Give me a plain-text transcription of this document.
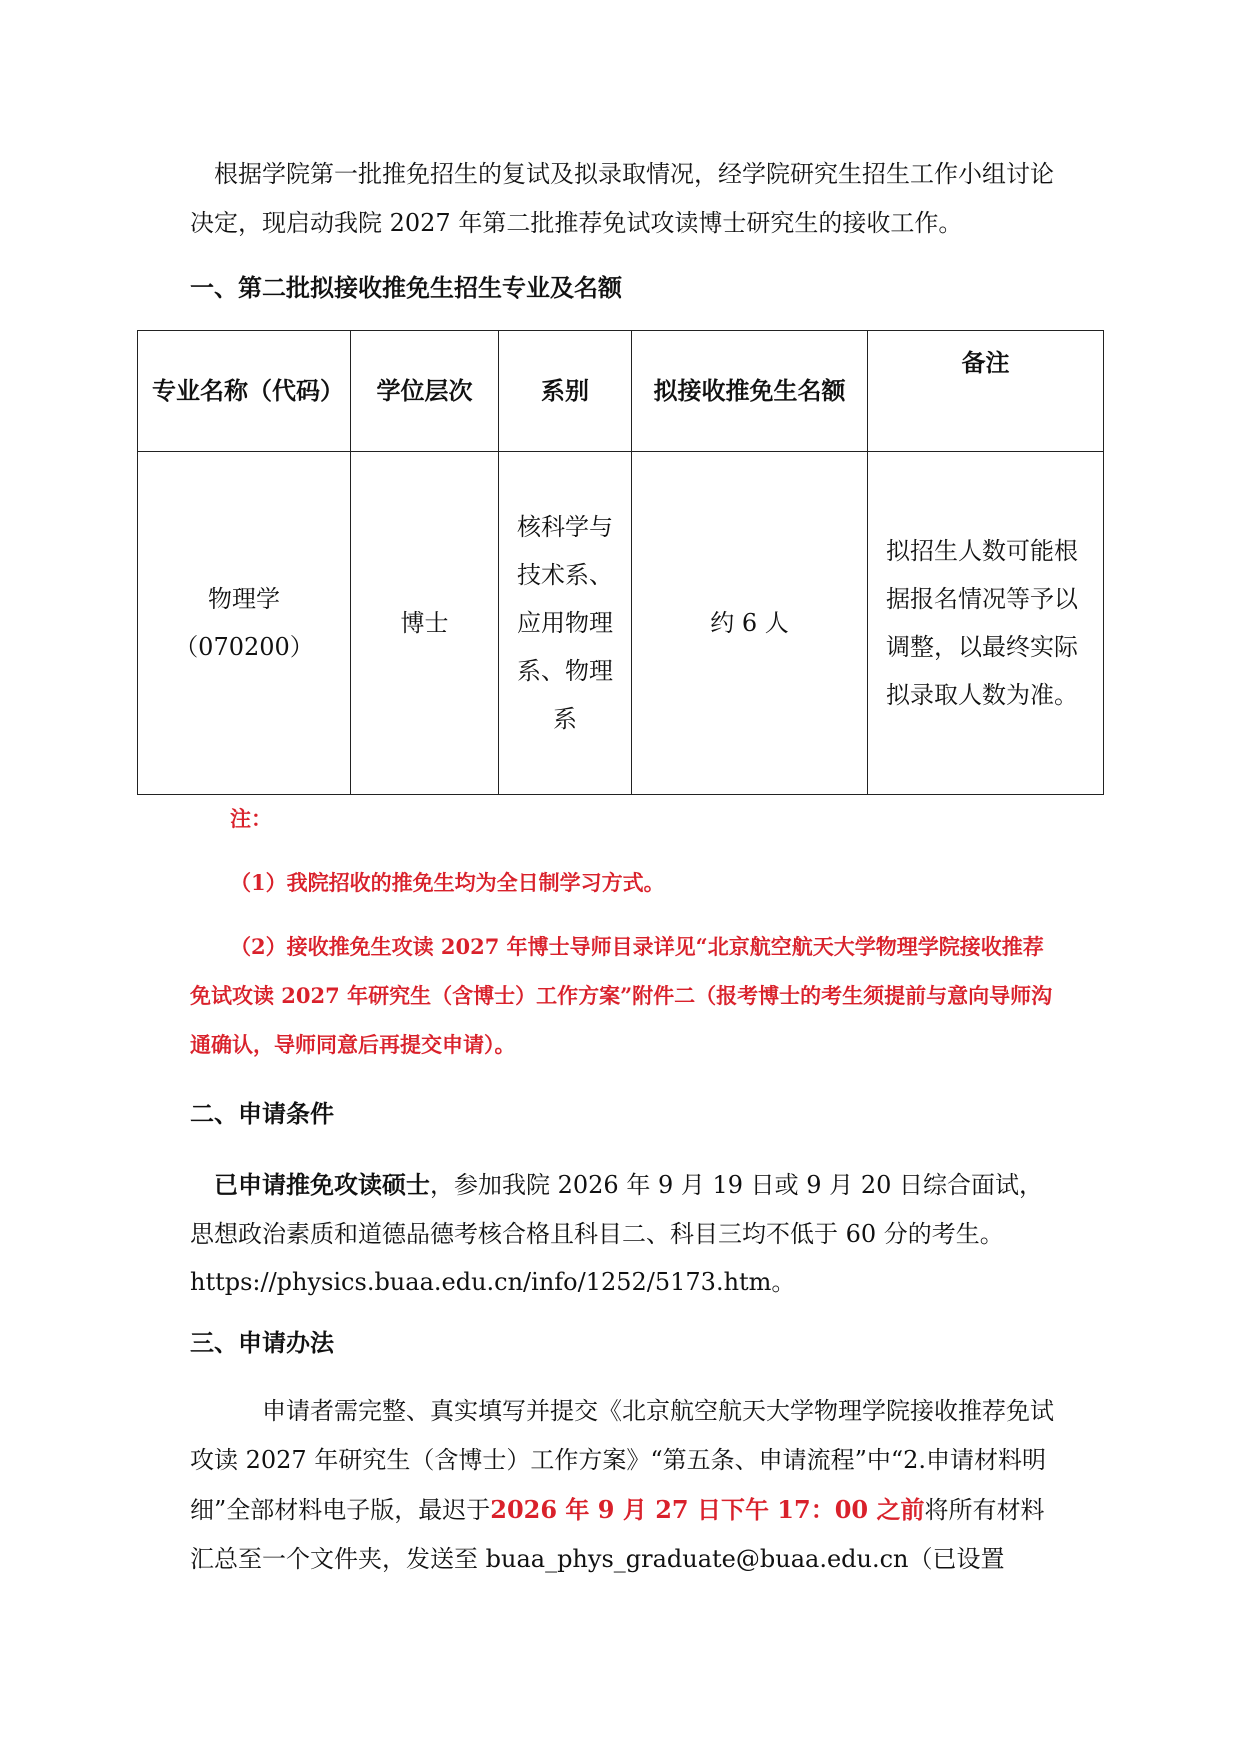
根据学院第一批推免招生的复试及拟录取情况，经学院研究生招生工作小组讨论决定，现启动我院 2027 年第二批推荐免试攻读博士研究生的接收工作。

一、第二批拟接收推免生招生专业及名额
专业名称（代码）	学位层次	系别	拟接收推免生名额	备注

物理学
（070200）	博士	核科学与技术系、应用物理系、物理系	约 6 人	拟招生人数可能根据报名情况等予以调整，以最终实际拟录取人数为准。

注：

（1）我院招收的推免生均为全日制学习方式。

（2）接收推免生攻读 2027 年博士导师目录详见“北京航空航天大学物理学院接收推荐免试攻读 2027 年研究生（含博士）工作方案”附件二（报考博士的考生须提前与意向导师沟通确认，导师同意后再提交申请）。

二、申请条件

已申请推免攻读硕士，参加我院 2026 年 9 月 19 日或 9 月 20 日综合面试，思想政治素质和道德品德考核合格且科目二、科目三均不低于 60 分的考生。

https://physics.buaa.edu.cn/info/1252/5173.htm。

三、申请办法

申请者需完整、真实填写并提交《北京航空航天大学物理学院接收推荐免试攻读 2027 年研究生（含博士）工作方案》“第五条、申请流程”中“2.申请材料明细”全部材料电子版，最迟于2026 年 9 月 27 日下午 17：00 之前将所有材料汇总至一个文件夹，发送至 buaa_phys_graduate@buaa.edu.cn（已设置
